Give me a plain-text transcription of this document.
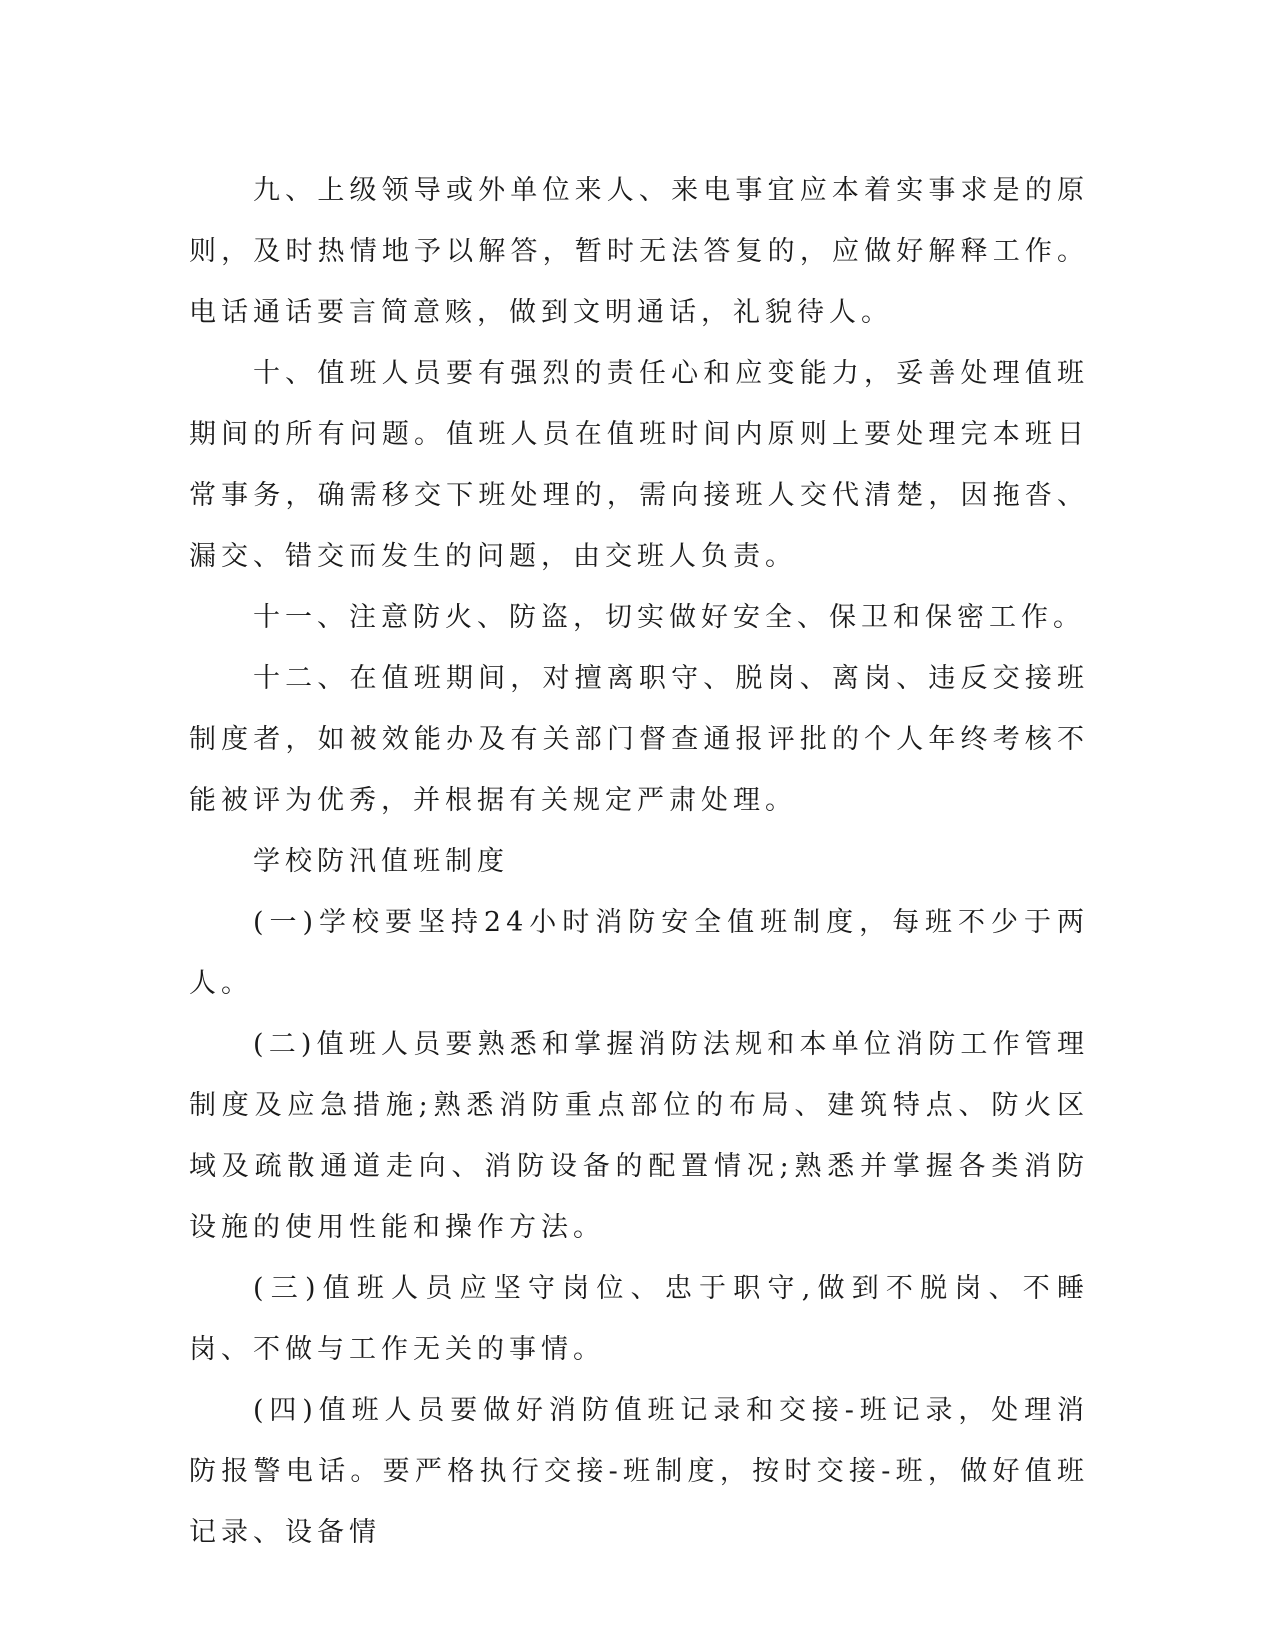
九、上级领导或外单位来人、来电事宜应本着实事求是的原则，及时热情地予以解答，暂时无法答复的，应做好解释工作。电话通话要言简意赅，做到文明通话，礼貌待人。

十、值班人员要有强烈的责任心和应变能力，妥善处理值班期间的所有问题。值班人员在值班时间内原则上要处理完本班日常事务，确需移交下班处理的，需向接班人交代清楚，因拖沓、漏交、错交而发生的问题，由交班人负责。

十一、注意防火、防盗，切实做好安全、保卫和保密工作。

十二、在值班期间，对擅离职守、脱岗、离岗、违反交接班制度者，如被效能办及有关部门督查通报评批的个人年终考核不能被评为优秀，并根据有关规定严肃处理。

学校防汛值班制度

(一)学校要坚持24小时消防安全值班制度，每班不少于两人。

(二)值班人员要熟悉和掌握消防法规和本单位消防工作管理制度及应急措施;熟悉消防重点部位的布局、建筑特点、防火区域及疏散通道走向、消防设备的配置情况;熟悉并掌握各类消防设施的使用性能和操作方法。

(三)值班人员应坚守岗位、忠于职守,做到不脱岗、不睡岗、不做与工作无关的事情。

(四)值班人员要做好消防值班记录和交接-班记录，处理消防报警电话。要严格执行交接-班制度，按时交接-班，做好值班记录、设备情
